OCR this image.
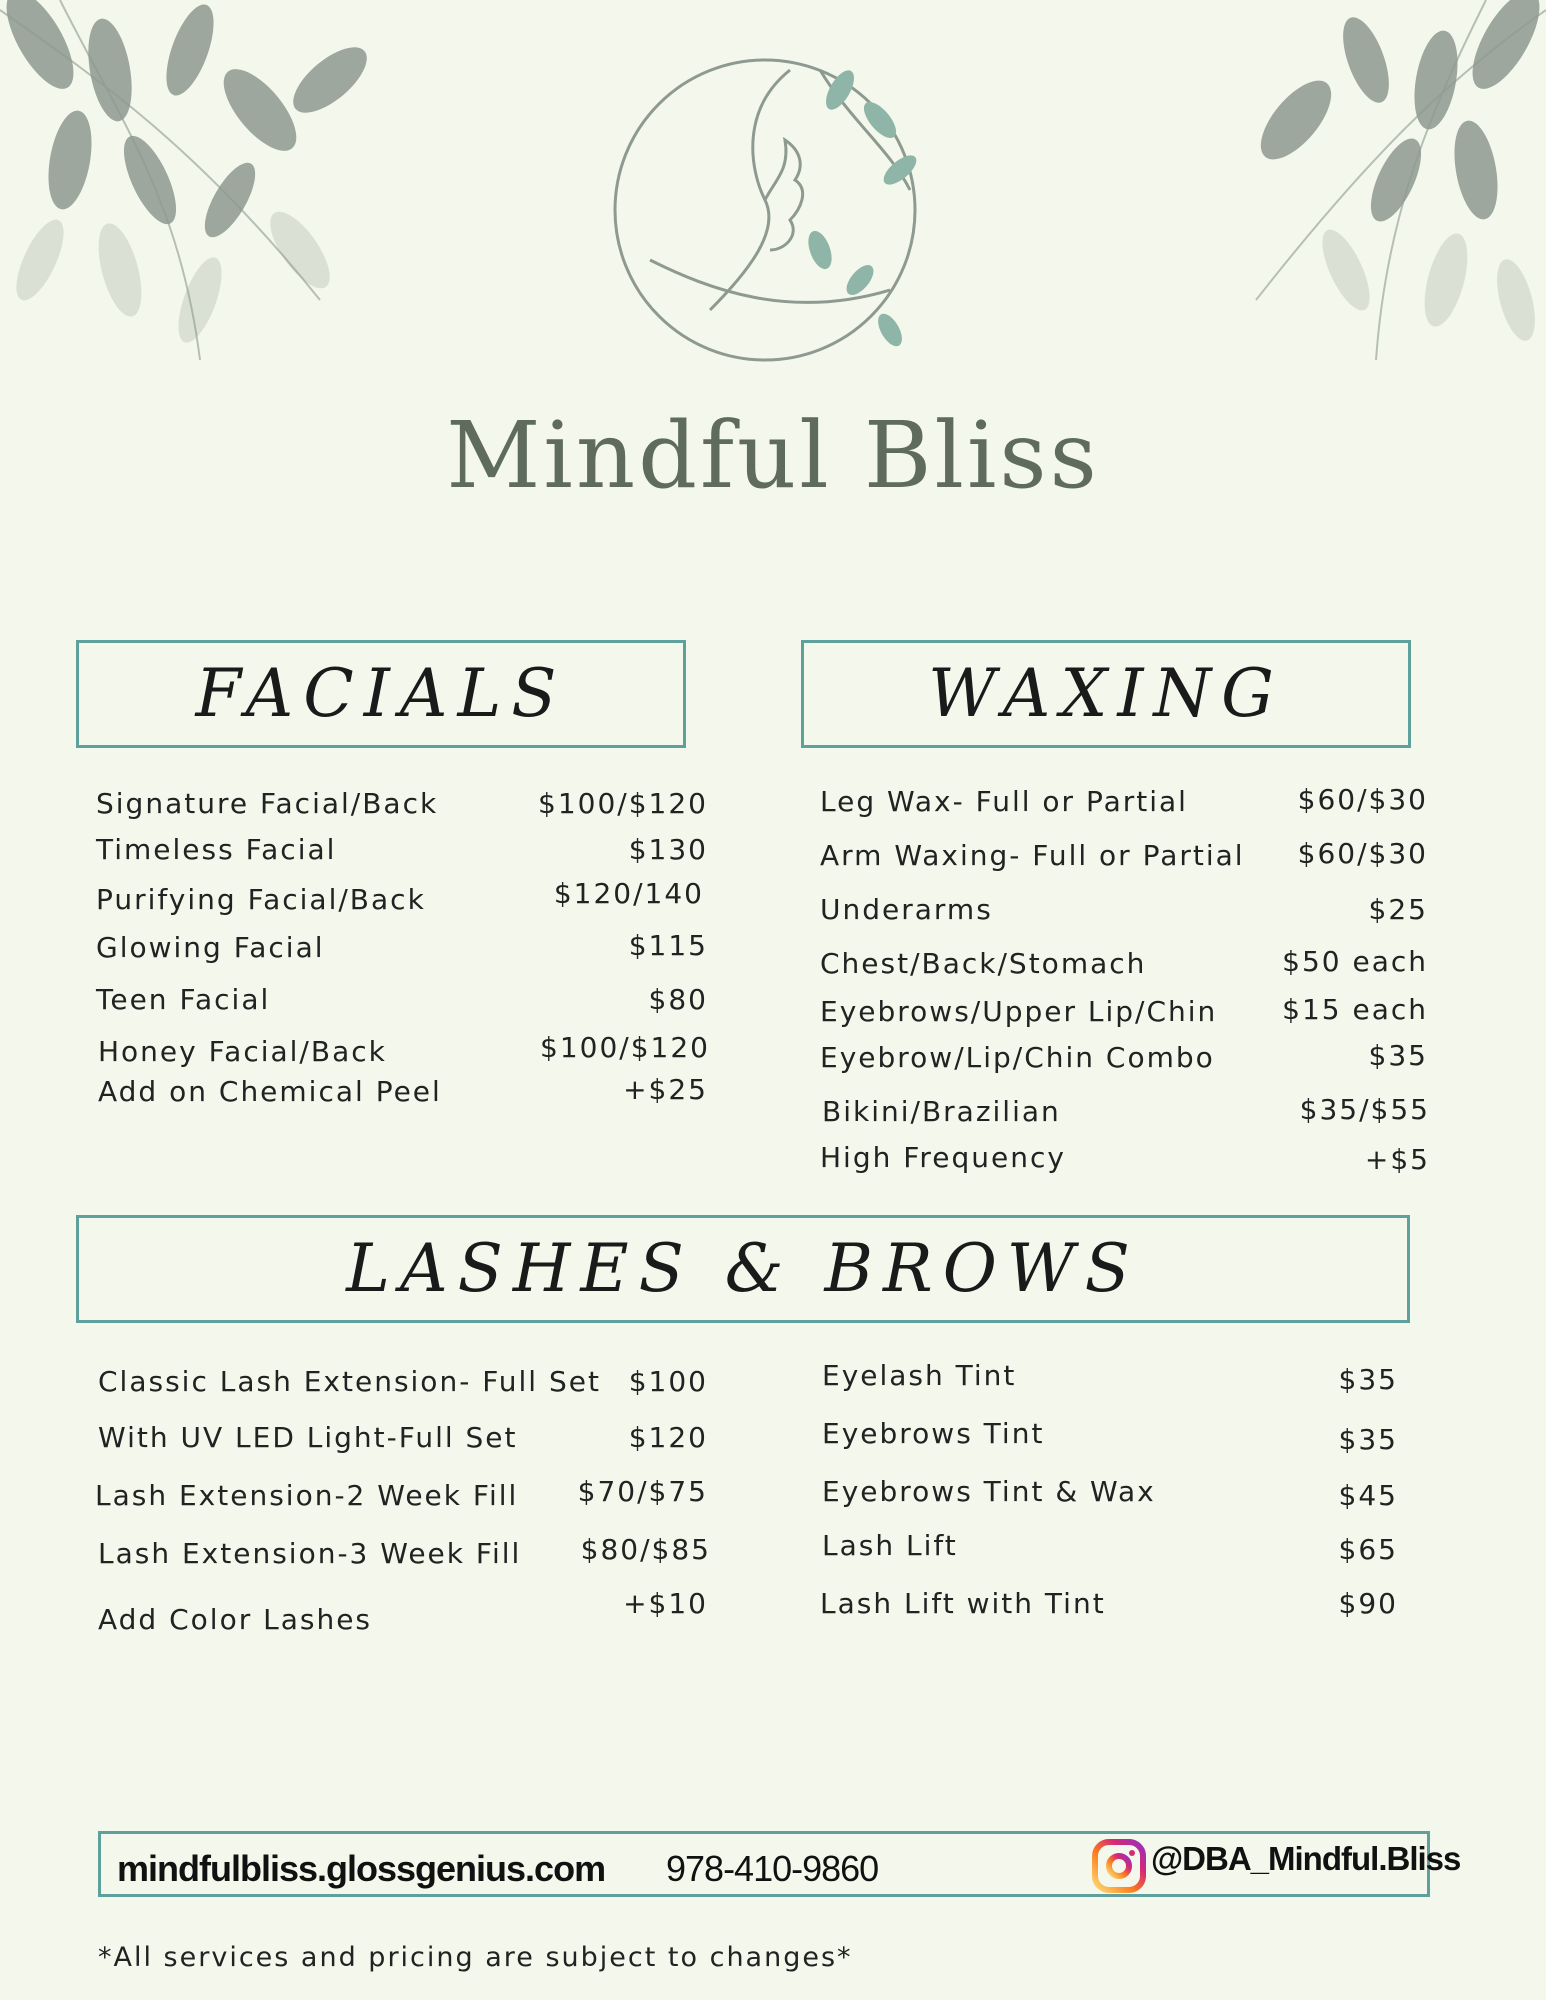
Mindful Bliss
FACIALS
Signature Facial/Back	$100/$120
Timeless Facial	$130
Purifying Facial/Back	$120/140
Glowing Facial	$115
Teen Facial	$80
Honey Facial/Back	$100/$120
Add on Chemical Peel	+$25
WAXING
Leg Wax- Full or Partial	$60/$30
Arm Waxing- Full or Partial $60/$30
Underarms	$25
Chest/Back/Stomach	$50 each
Eyebrows/Upper Lip/Chin $15 each
Eyebrow/Lip/Chin Combo	$35
Bikini/Brazilian	$35/$55
High Frequency	+$5
LASHES & BROWS
Classic Lash Extension- Full Set $100
With UV LED Light-Full Set	$120
Lash Extension-2 Week Fill $70/$75
Lash Extension-3 Week Fill $80/$85
Add Color Lashes	+$10
Eyelash Tint	$35
Eyebrows Tint	$35
Eyebrows Tint & Wax	$45
Lash Lift	$65
Lash Lift with Tint	$90
mindfulbliss.glossgenius.com 978-410-9860	@DBA_Mindful.Bliss
*All services and pricing are subject to changes*
